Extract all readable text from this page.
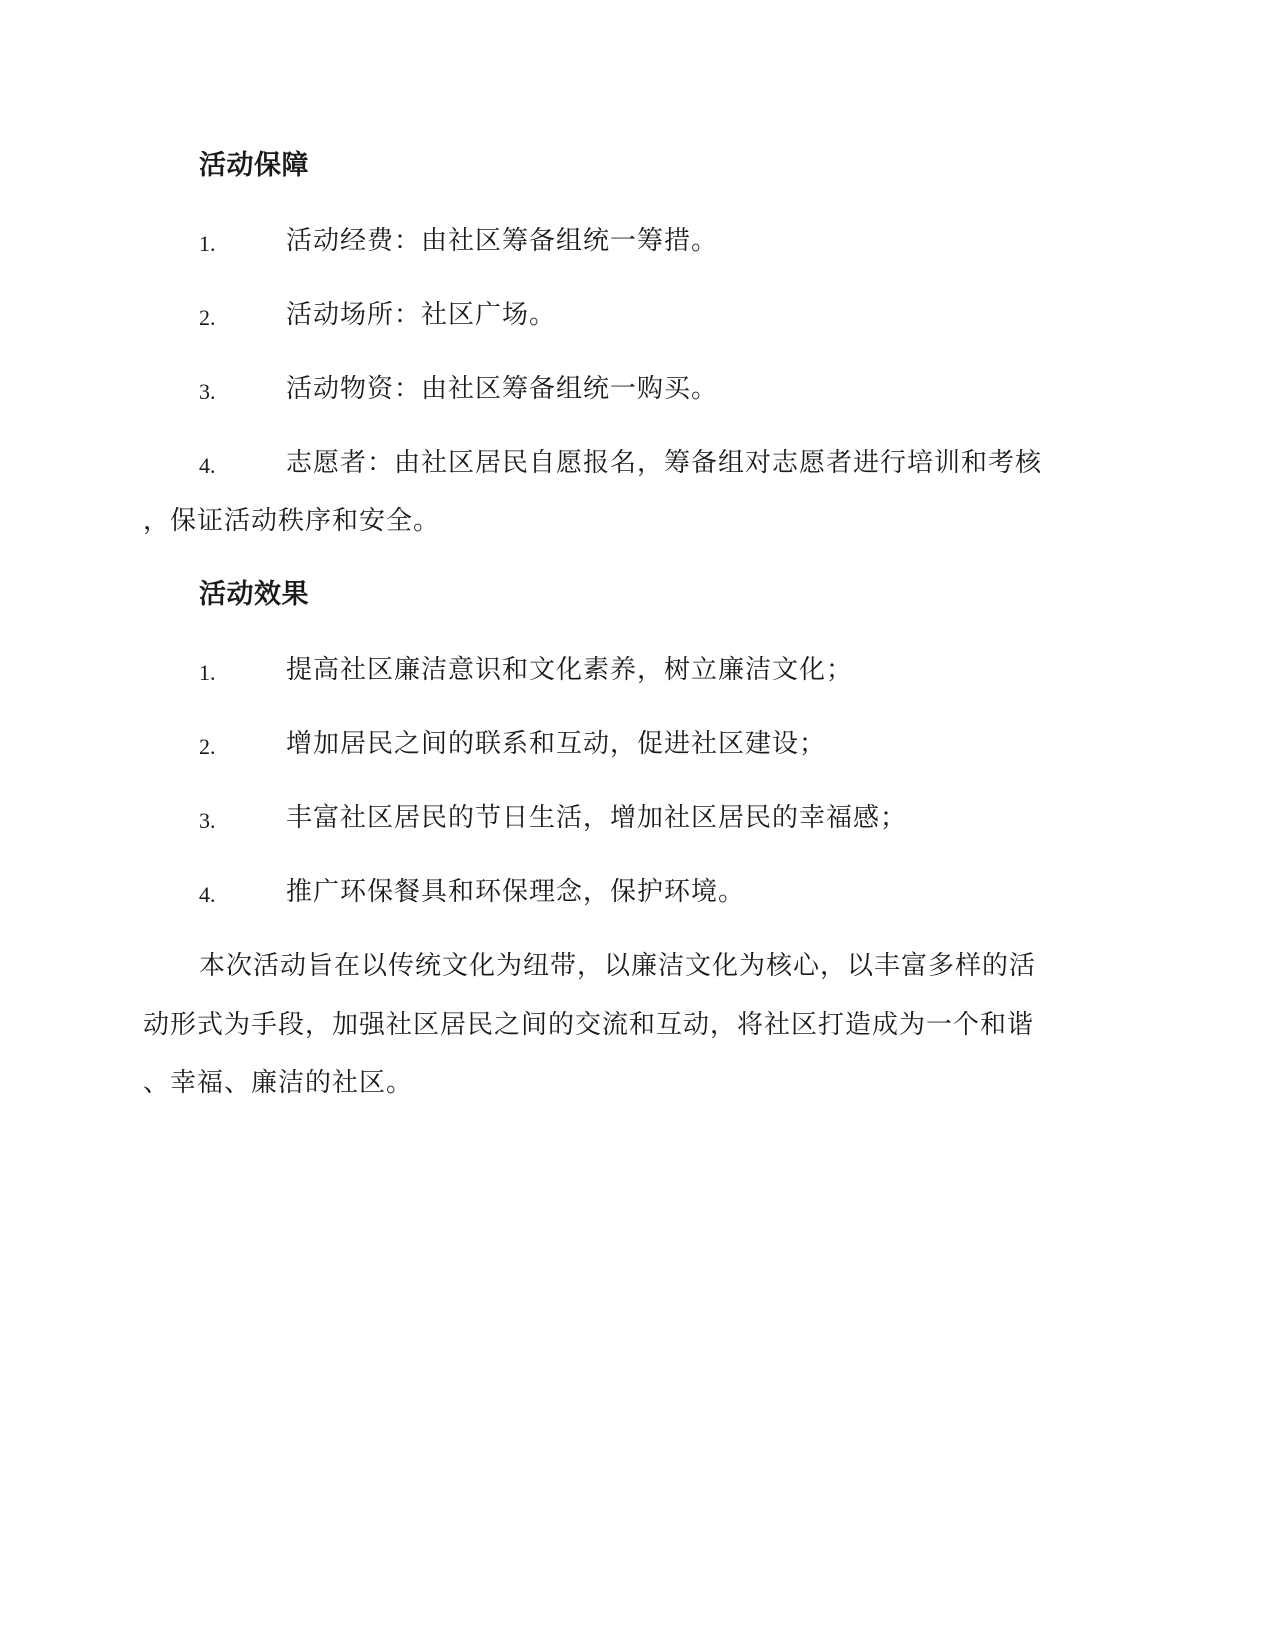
活动保障
1.	活动经费：由社区筹备组统一筹措。
2.	活动场所：社区广场。
3.	活动物资：由社区筹备组统一购买。
4.	志愿者：由社区居民自愿报名，筹备组对志愿者进行培训和考核
，保证活动秩序和安全。
活动效果
1.	提高社区廉洁意识和文化素养，树立廉洁文化；
2.	增加居民之间的联系和互动，促进社区建设；
3.	丰富社区居民的节日生活，增加社区居民的幸福感；
4.	推广环保餐具和环保理念，保护环境。
本次活动旨在以传统文化为纽带，以廉洁文化为核心，以丰富多样的活
动形式为手段，加强社区居民之间的交流和互动，将社区打造成为一个和谐
、幸福、廉洁的社区。
